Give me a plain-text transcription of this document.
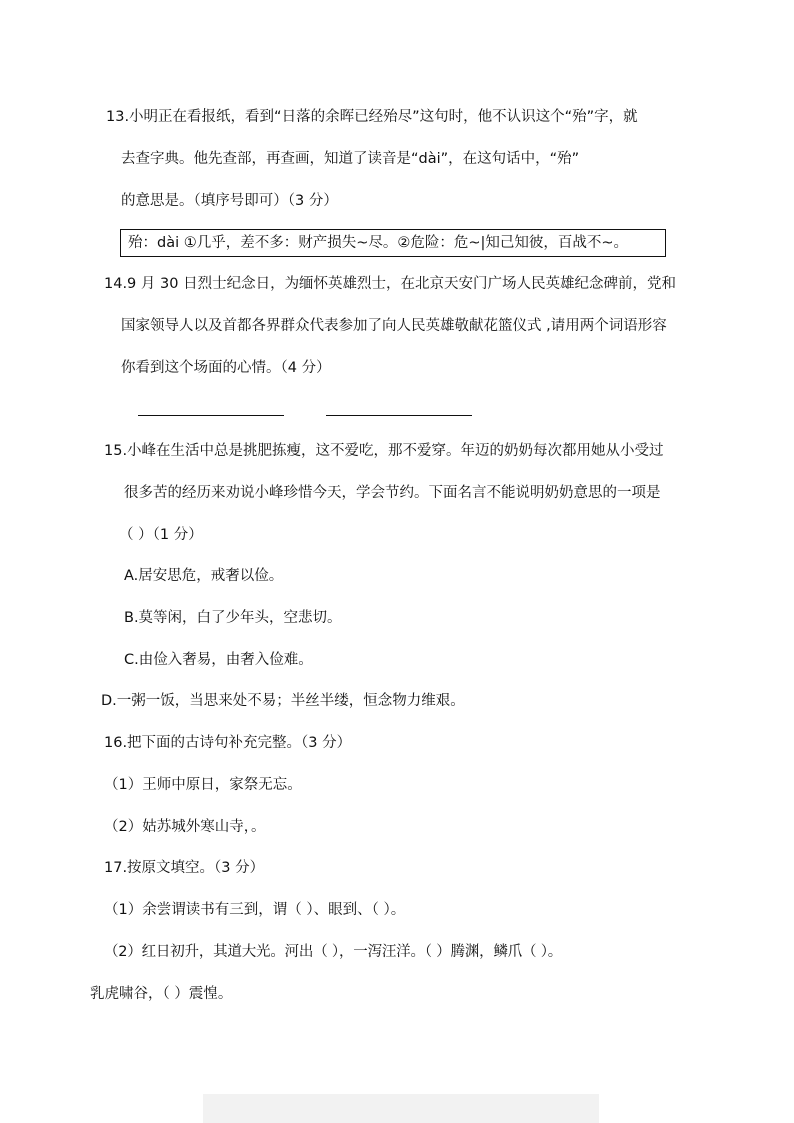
13.小明正在看报纸，看到“日落的余晖已经殆尽”这句时，他不认识这个“殆”字，就
去查字典。他先查部，再查画，知道了读音是“dài”，在这句话中，“殆”
的意思是。（填序号即可）（3 分）
殆：dài ①几乎，差不多：财产损失~尽。②危险：危~|知己知彼，百战不~。
14.9 月 30 日烈士纪念日，为缅怀英雄烈士，在北京天安门广场人民英雄纪念碑前，党和
国家领导人以及首都各界群众代表参加了向人民英雄敬献花篮仪式 ,请用两个词语形容
你看到这个场面的心情。（4 分）
15.小峰在生活中总是挑肥拣瘦，这不爱吃，那不爱穿。年迈的奶奶每次都用她从小受过
很多苦的经历来劝说小峰珍惜今天，学会节约。下面名言不能说明奶奶意思的一项是
（ ）（1 分）
A.居安思危，戒奢以俭。
B.莫等闲，白了少年头，空悲切。
C.由俭入奢易，由奢入俭难。
D.一粥一饭，当思来处不易；半丝半缕，恒念物力维艰。
16.把下面的古诗句补充完整。（3 分）
（1）王师中原日，家祭无忘。
（2）姑苏城外寒山寺，。
17.按原文填空。（3 分）
（1）余尝谓读书有三到，谓（ ）、眼到、（ ）。
（2）红日初升，其道大光。河出（ ），一泻汪洋。（ ）腾渊，鳞爪（ ）。
乳虎啸谷，（ ）震惶。
